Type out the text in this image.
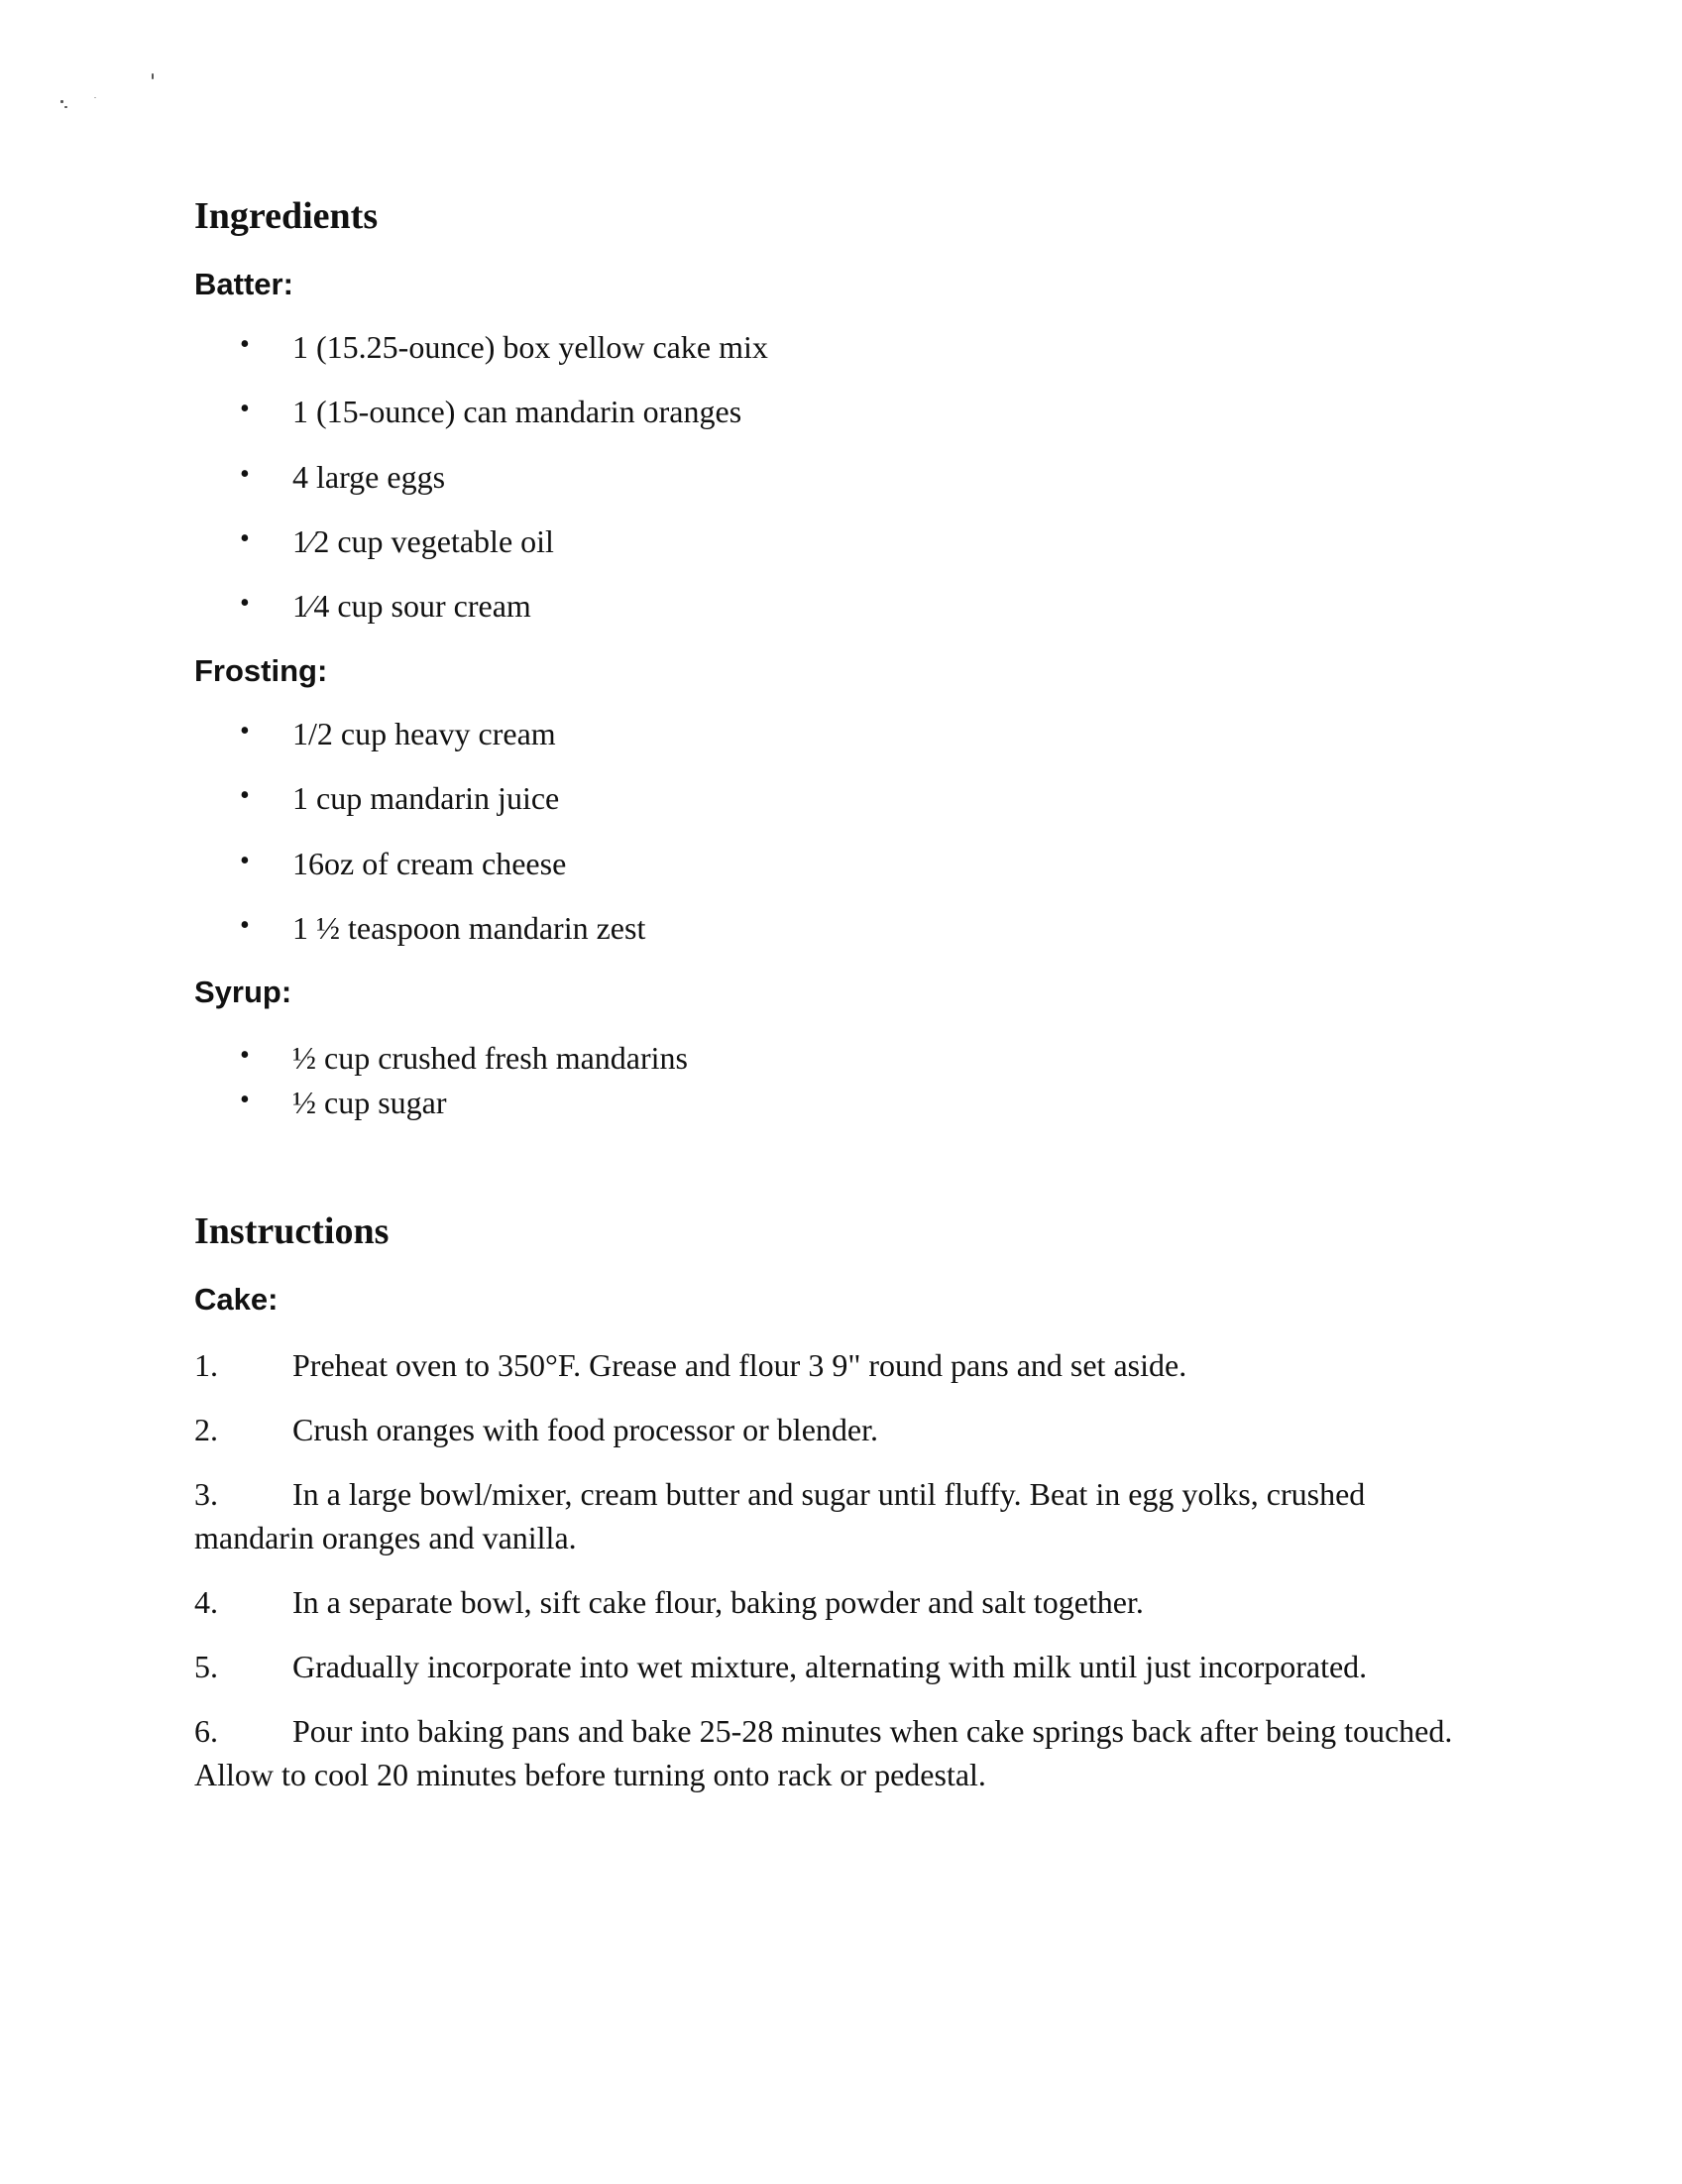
Ingredients
Batter:
• 1 (15.25-ounce) box yellow cake mix
• 1 (15-ounce) can mandarin oranges
• 4 large eggs
• 1⁄2 cup vegetable oil
• 1⁄4 cup sour cream
Frosting:
• 1/2 cup heavy cream
• 1 cup mandarin juice
• 16oz of cream cheese
• 1 ½ teaspoon mandarin zest
Syrup:
• ½ cup crushed fresh mandarins
• ½ cup sugar
Instructions
Cake:
1. Preheat oven to 350°F. Grease and flour 3 9" round pans and set aside.
2. Crush oranges with food processor or blender.
3. In a large bowl/mixer, cream butter and sugar until fluffy. Beat in egg yolks, crushed mandarin oranges and vanilla.
4. In a separate bowl, sift cake flour, baking powder and salt together.
5. Gradually incorporate into wet mixture, alternating with milk until just incorporated.
6. Pour into baking pans and bake 25-28 minutes when cake springs back after being touched. Allow to cool 20 minutes before turning onto rack or pedestal.
